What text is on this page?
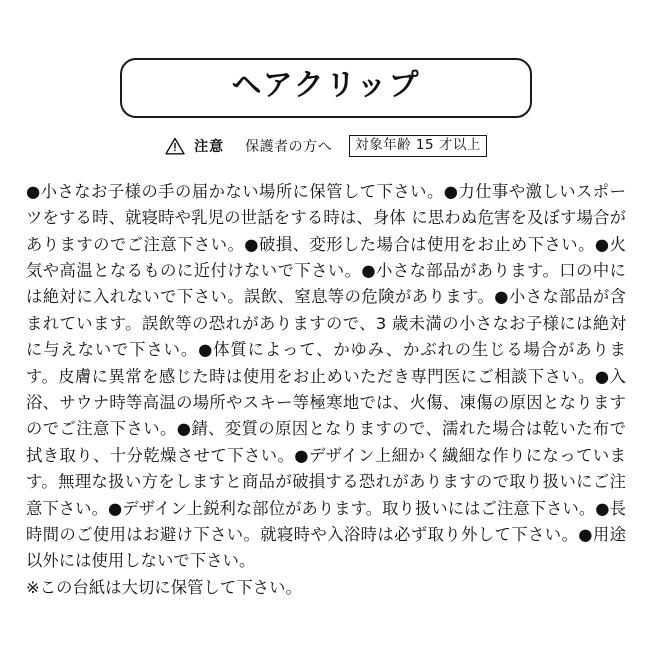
ヘアクリップ
注意 保護者の方へ	対象年齢 15 才以上

●小さなお子様の手の届かない場所に保管して下さい。●力仕事や激しいスポーツをする時、就寝時や乳児の世話をする時は、身体 に思わぬ危害を及ぼす場合がありますのでご注意下さい。●破損、変形した場合は使用をお止め下さい。●火気や高温となるものに近付けないで下さい。●小さな部品があります。口の中には絶対に入れないで下さい。誤飲、窒息等の危険があります。●小さな部品が含まれています。誤飲等の恐れがありますので、3 歳未満の小さなお子様には絶対に与えないで下さい。●体質によって、かゆみ、かぶれの生じる場合があります。皮膚に異常を感じた時は使用をお止めいただき専門医にご相談下さい。●入浴、サウナ時等高温の場所やスキー等極寒地では、火傷、凍傷の原因となりますのでご注意下さい。●錆、変質の原因となりますので、濡れた場合は乾いた布で拭き取り、十分乾燥させて下さい。●デザイン上細かく繊細な作りになっています。無理な扱い方をしますと商品が破損する恐れがありますので取り扱いにご注意下さい。●デザイン上鋭利な部位があります。取り扱いにはご注意下さい。●長時間のご使用はお避け下さい。就寝時や入浴時は必ず取り外して下さい。●用途以外には使用しないで下さい。

※この台紙は大切に保管して下さい。
